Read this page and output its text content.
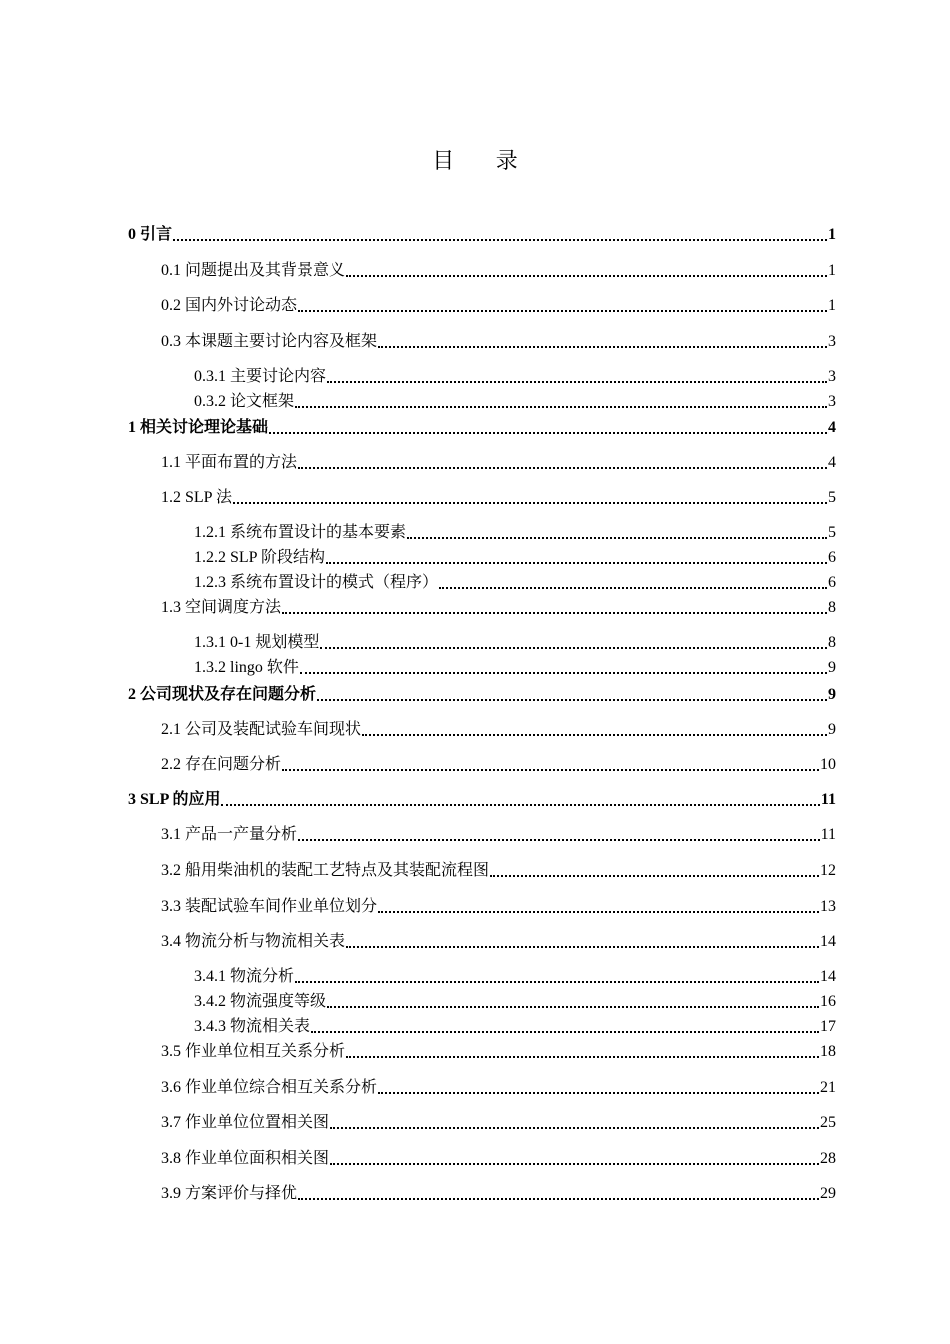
目 录
0 引言	1
0.1 问题提出及其背景意义	1
0.2 国内外讨论动态	1
0.3 本课题主要讨论内容及框架	3
0.3.1 主要讨论内容	3
0.3.2 论文框架	3
1 相关讨论理论基础	4
1.1 平面布置的方法	4
1.2 SLP 法	5
1.2.1 系统布置设计的基本要素	5
1.2.2 SLP 阶段结构	6
1.2.3 系统布置设计的模式（程序）	6
1.3 空间调度方法	8
1.3.1 0-1 规划模型	8
1.3.2 lingo 软件	9
2 公司现状及存在问题分析	9
2.1 公司及装配试验车间现状	9
2.2 存在问题分析	10
3 SLP 的应用	11
3.1 产品一产量分析	11
3.2 船用柴油机的装配工艺特点及其装配流程图	12
3.3 装配试验车间作业单位划分	13
3.4 物流分析与物流相关表	14
3.4.1 物流分析	14
3.4.2 物流强度等级	16
3.4.3 物流相关表	17
3.5 作业单位相互关系分析	18
3.6 作业单位综合相互关系分析	21
3.7 作业单位位置相关图	25
3.8 作业单位面积相关图	28
3.9 方案评价与择优	29
